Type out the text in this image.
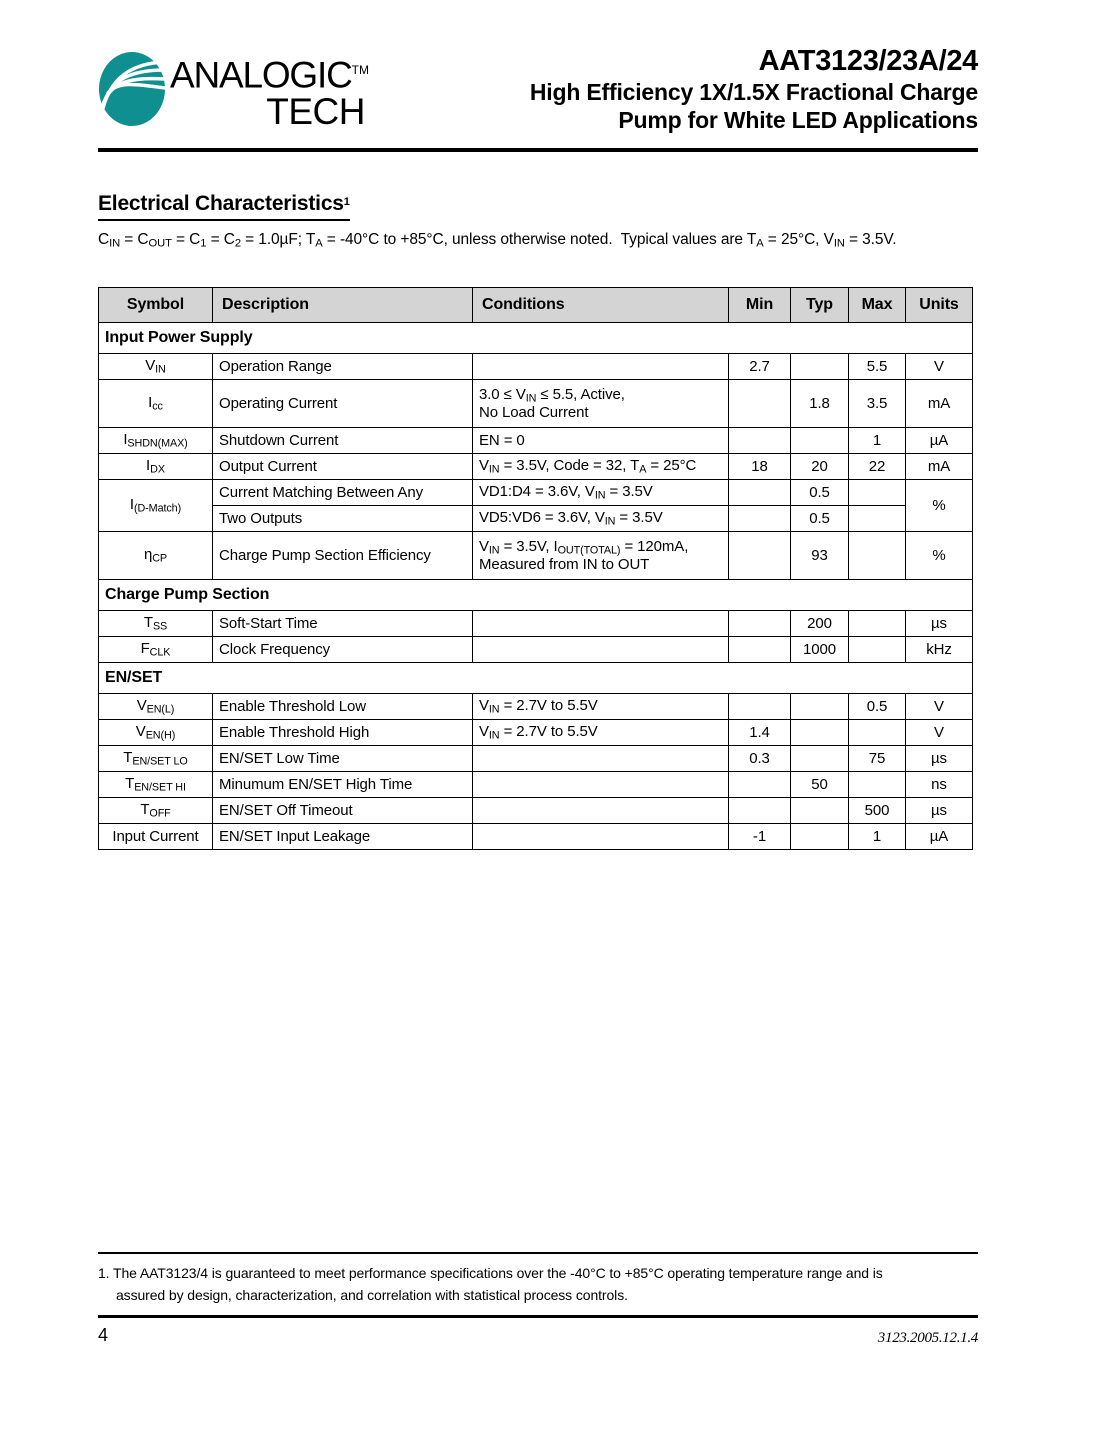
ANALOGIC™
TECH
AAT3123/23A/24
High Efficiency 1X/1.5X Fractional Charge
Pump for White LED Applications
Electrical Characteristics$^1$
$C_{IN} = C_{OUT} = C_1 = C_2 = 1.0\mu F$; $T_A = -40^\circ C$ to +85°C, unless otherwise noted.  Typical values are $T_A = 25^\circ C$, $V_{IN} = 3.5V$.
Symbol	Description	Conditions	Min	Typ	Max	Units
Input Power Supply						
$V_{IN}$	Operation Range		2.7		5.5	V
$I_{cc}$	Operating Current	$3.0 \le V_{IN} \le 5.5$, Active,
No Load Current		1.8	3.5	mA
$I_{SHDN(MAX)}$	Shutdown Current	EN = 0			1	µA
$I_{DX}$	Output Current	$V_{IN} = 3.5V$, Code = 32, $T_A = 25^\circ C$	18	20	22	mA
$I_{(D-Match)}$	Current Matching Between Any	VD1:D4 = 3.6V, $V_{IN} = 3.5V$		0.5		%
	Two Outputs	VD5:VD6 = 3.6V, $V_{IN} = 3.5V$		0.5		
$\eta_{CP}$	Charge Pump Section Efficiency	$V_{IN} = 3.5V$, $I_{OUT(TOTAL)} = 120mA$,
Measured from IN to OUT		93		%
Charge Pump Section						
$T_{SS}$	Soft-Start Time			200		µs
$F_{CLK}$	Clock Frequency			1000		kHz
EN/SET						
$V_{EN(L)}$	Enable Threshold Low	$V_{IN} = 2.7V$ to 5.5V			0.5	V
$V_{EN(H)}$	Enable Threshold High	$V_{IN} = 2.7V$ to 5.5V	1.4			V
$T_{EN/SET LO}$	EN/SET Low Time		0.3		75	µs
$T_{EN/SET HI}$	Minumum EN/SET High Time			50		ns
$T_{OFF}$	EN/SET Off Timeout				500	µs
Input Current	EN/SET Input Leakage		-1		1	µA
1. The AAT3123/4 is guaranteed to meet performance specifications over the -40°C to +85°C operating temperature range and is
assured by design, characterization, and correlation with statistical process controls.
4	3123.2005.12.1.4
